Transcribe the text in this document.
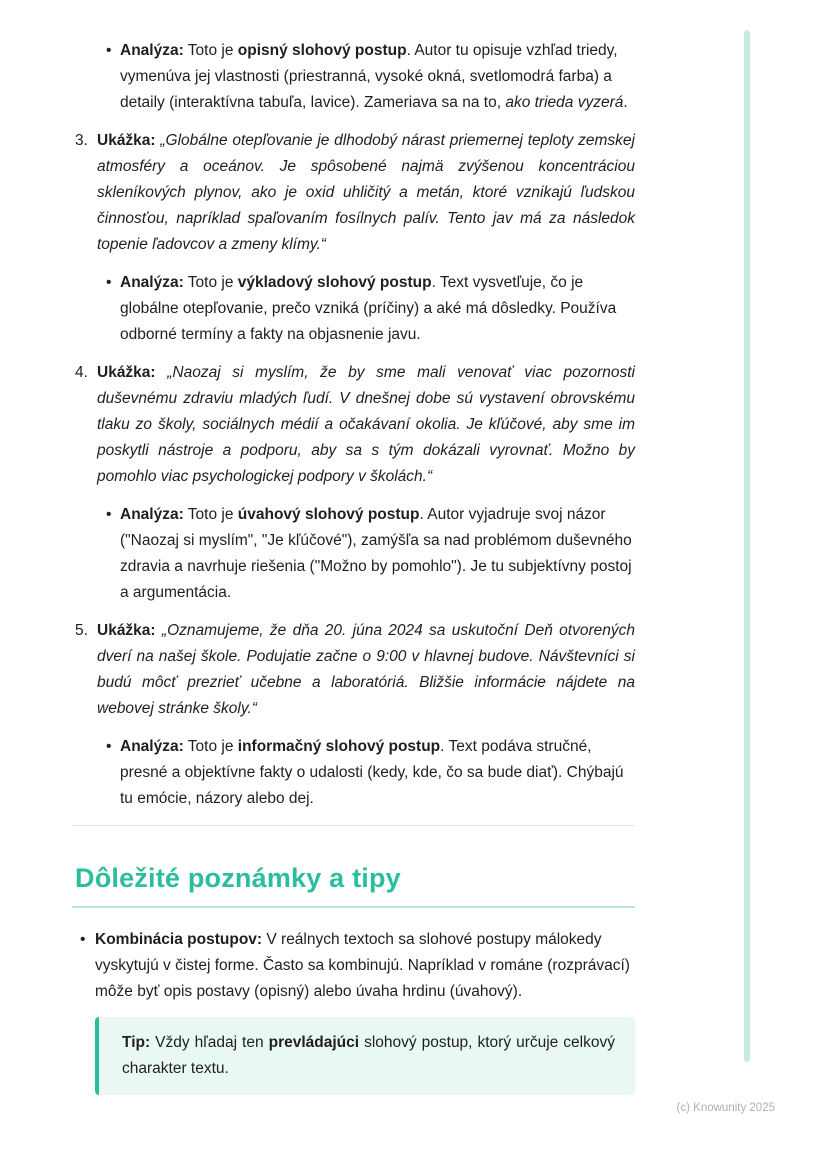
• Analýza: Toto je opisný slohový postup. Autor tu opisuje vzhľad triedy, vymenúva jej vlastnosti (priestranná, vysoké okná, svetlomodrá farba) a detaily (interaktívna tabuľa, lavice). Zameriava sa na to, ako trieda vyzerá.

3. Ukážka: „Globálne otepľovanie je dlhodobý nárast priemernej teploty zemskej atmosféry a oceánov. Je spôsobené najmä zvýšenou koncentráciou skleníkových plynov, ako je oxid uhličitý a metán, ktoré vznikajú ľudskou činnosťou, napríklad spaľovaním fosílnych palív. Tento jav má za následok topenie ľadovcov a zmeny klímy.“

• Analýza: Toto je výkladový slohový postup. Text vysvetľuje, čo je globálne otepľovanie, prečo vzniká (príčiny) a aké má dôsledky. Používa odborné termíny a fakty na objasnenie javu.

4. Ukážka: „Naozaj si myslím, že by sme mali venovať viac pozornosti duševnému zdraviu mladých ľudí. V dnešnej dobe sú vystavení obrovskému tlaku zo školy, sociálnych médií a očakávaní okolia. Je kľúčové, aby sme im poskytli nástroje a podporu, aby sa s tým dokázali vyrovnať. Možno by pomohlo viac psychologickej podpory v školách.“

• Analýza: Toto je úvahový slohový postup. Autor vyjadruje svoj názor ("Naozaj si myslím", "Je kľúčové"), zamýšľa sa nad problémom duševného zdravia a navrhuje riešenia ("Možno by pomohlo"). Je tu subjektívny postoj a argumentácia.

5. Ukážka: „Oznamujeme, že dňa 20. júna 2024 sa uskutoční Deň otvorených dverí na našej škole. Podujatie začne o 9:00 v hlavnej budove. Návštevníci si budú môcť prezrieť učebne a laboratóriá. Bližšie informácie nájdete na webovej stránke školy.“

• Analýza: Toto je informačný slohový postup. Text podáva stručné, presné a objektívne fakty o udalosti (kedy, kde, čo sa bude diať). Chýbajú tu emócie, názory alebo dej.

Dôležité poznámky a tipy
• Kombinácia postupov: V reálnych textoch sa slohové postupy málokedy vyskytujú v čistej forme. Často sa kombinujú. Napríklad v románe (rozprávací) môže byť opis postavy (opisný) alebo úvaha hrdinu (úvahový).

Tip: Vždy hľadaj ten prevládajúci slohový postup, ktorý určuje celkový charakter textu.

(c) Knowunity 2025
